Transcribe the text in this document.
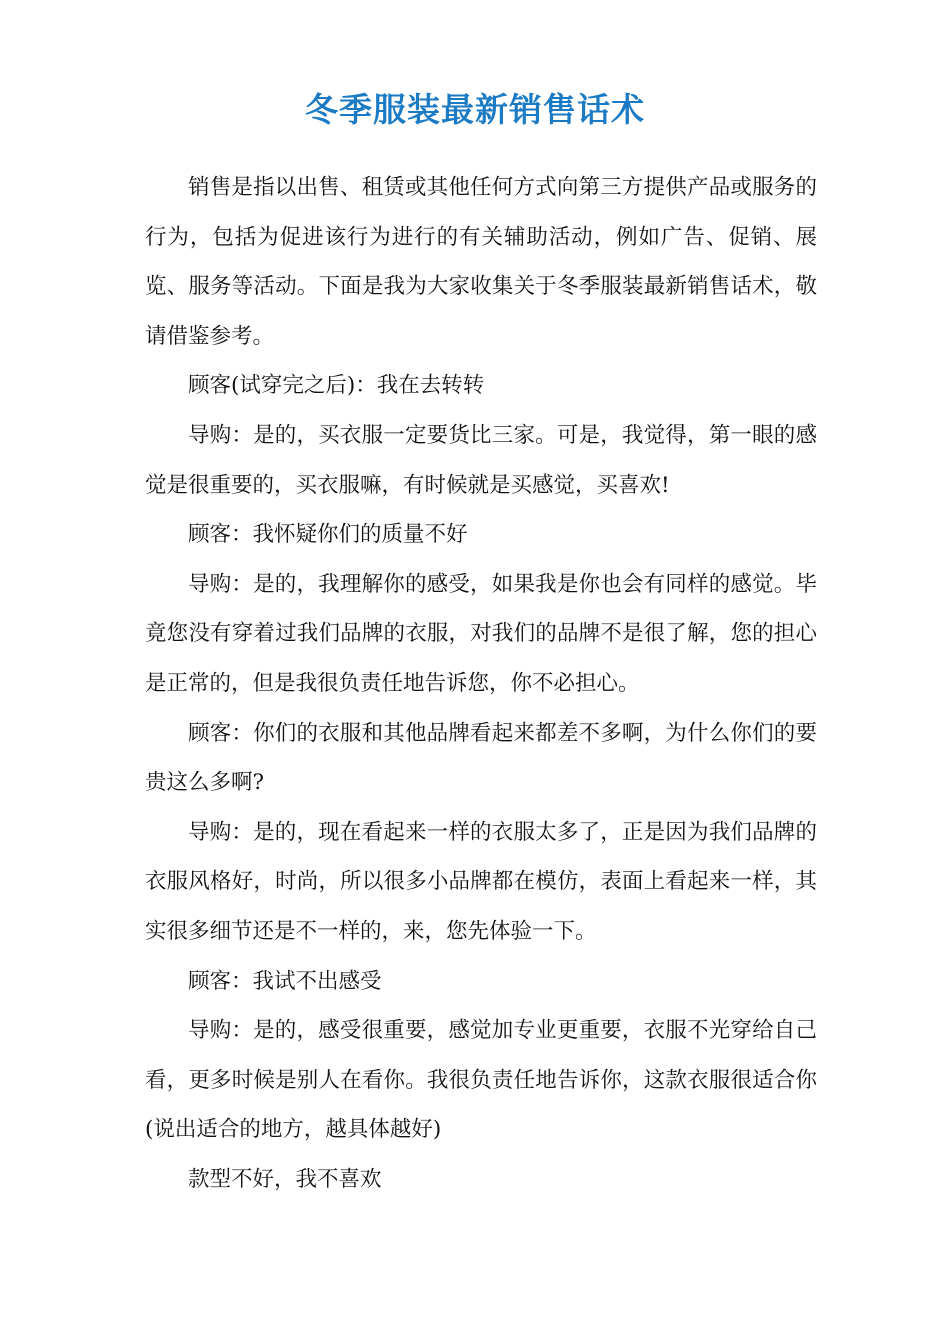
冬季服装最新销售话术

销售是指以出售、租赁或其他任何方式向第三方提供产品或服务的行为，包括为促进该行为进行的有关辅助活动，例如广告、促销、展览、服务等活动。下面是我为大家收集关于冬季服装最新销售话术，敬请借鉴参考。

顾客(试穿完之后)：我在去转转

导购：是的，买衣服一定要货比三家。可是，我觉得，第一眼的感觉是很重要的，买衣服嘛，有时候就是买感觉，买喜欢!

顾客：我怀疑你们的质量不好

导购：是的，我理解你的感受，如果我是你也会有同样的感觉。毕竟您没有穿着过我们品牌的衣服，对我们的品牌不是很了解，您的担心是正常的，但是我很负责任地告诉您，你不必担心。

顾客：你们的衣服和其他品牌看起来都差不多啊，为什么你们的要贵这么多啊?

导购：是的，现在看起来一样的衣服太多了，正是因为我们品牌的衣服风格好，时尚，所以很多小品牌都在模仿，表面上看起来一样，其实很多细节还是不一样的，来，您先体验一下。

顾客：我试不出感受

导购：是的，感受很重要，感觉加专业更重要，衣服不光穿给自己看，更多时候是别人在看你。我很负责任地告诉你，这款衣服很适合你(说出适合的地方，越具体越好)

款型不好，我不喜欢
